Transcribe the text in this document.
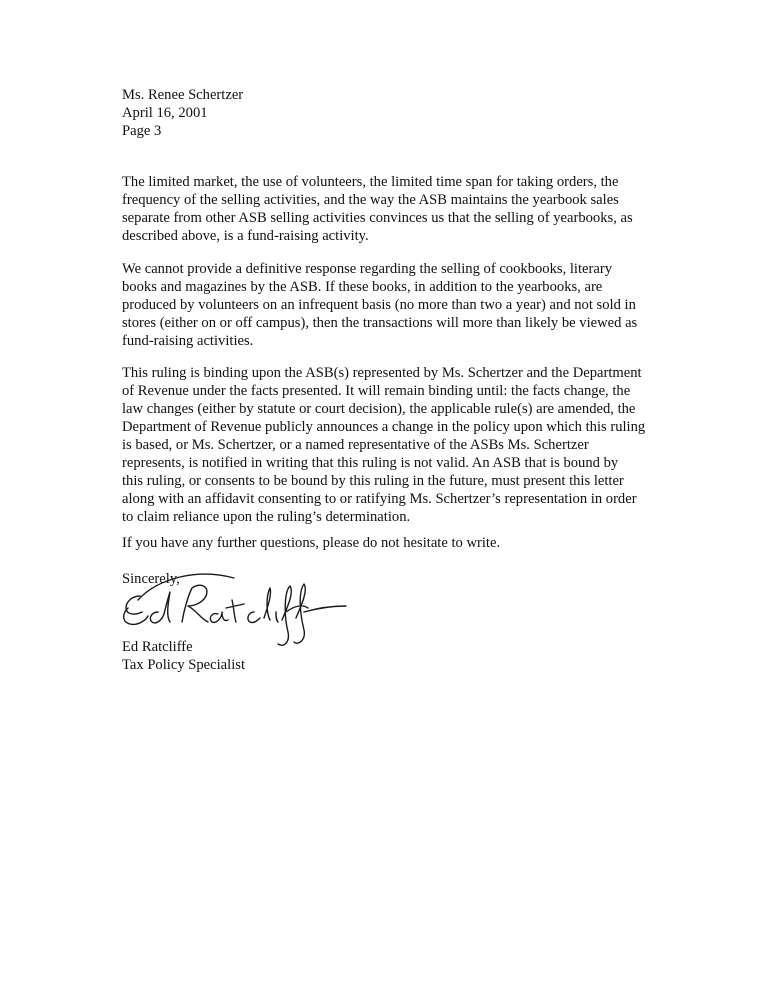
Ms. Renee Schertzer
April 16, 2001
Page 3

The limited market, the use of volunteers, the limited time span for taking orders, the
frequency of the selling activities, and the way the ASB maintains the yearbook sales
separate from other ASB selling activities convinces us that the selling of yearbooks, as
described above, is a fund-raising activity.

We cannot provide a definitive response regarding the selling of cookbooks, literary
books and magazines by the ASB. If these books, in addition to the yearbooks, are
produced by volunteers on an infrequent basis (no more than two a year) and not sold in
stores (either on or off campus), then the transactions will more than likely be viewed as
fund-raising activities.

This ruling is binding upon the ASB(s) represented by Ms. Schertzer and the Department
of Revenue under the facts presented. It will remain binding until: the facts change, the
law changes (either by statute or court decision), the applicable rule(s) are amended, the
Department of Revenue publicly announces a change in the policy upon which this ruling
is based, or Ms. Schertzer, or a named representative of the ASBs Ms. Schertzer
represents, is notified in writing that this ruling is not valid. An ASB that is bound by
this ruling, or consents to be bound by this ruling in the future, must present this letter
along with an affidavit consenting to or ratifying Ms. Schertzer’s representation in order
to claim reliance upon the ruling’s determination.

If you have any further questions, please do not hesitate to write.

Sincerely,
Ed Ratcliffe
Tax Policy Specialist
